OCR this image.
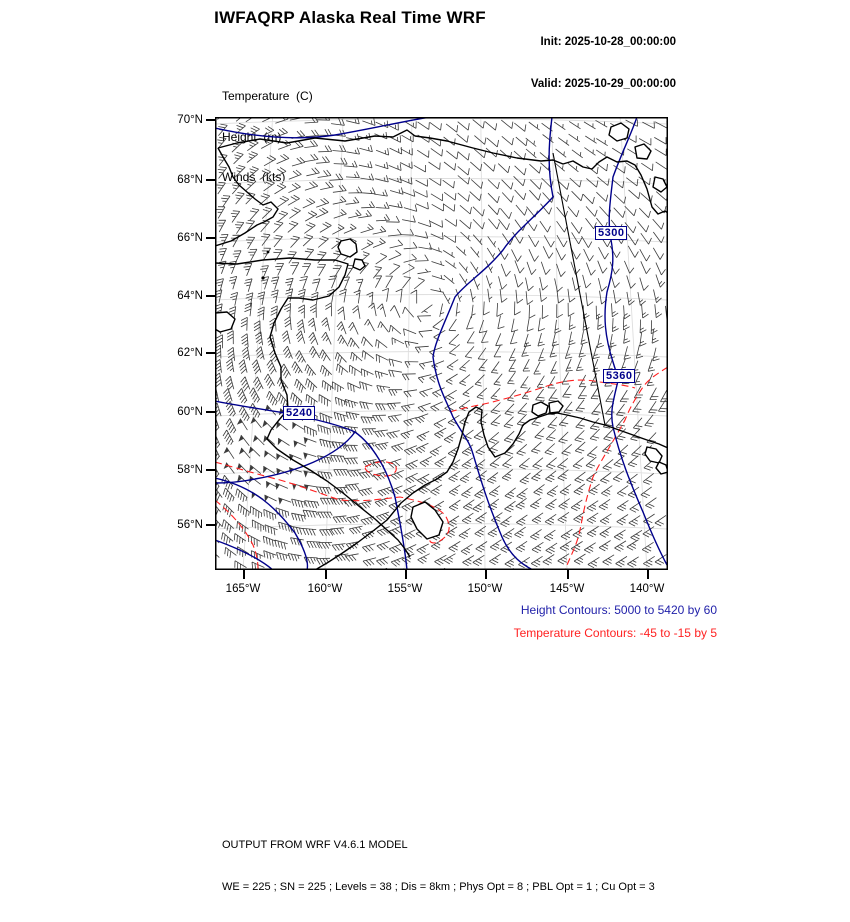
IWFAQRP Alaska Real Time WRF

Init: 2025-10-28_00:00:00

Valid: 2025-10-29_00:00:00

Temperature  (C)

Height  (m)

Winds  (kts)

5300
5360
5240
70°N
68°N
66°N
64°N
62°N
60°N
58°N
56°N
165°W	160°W	155°W	150°W	145°W	140°W
Height Contours: 5000 to 5420 by 60
Temperature Contours: -45 to -15 by 5

OUTPUT FROM WRF V4.6.1 MODEL

WE = 225 ; SN = 225 ; Levels = 38 ; Dis = 8km ; Phys Opt = 8 ; PBL Opt = 1 ; Cu Opt = 3
